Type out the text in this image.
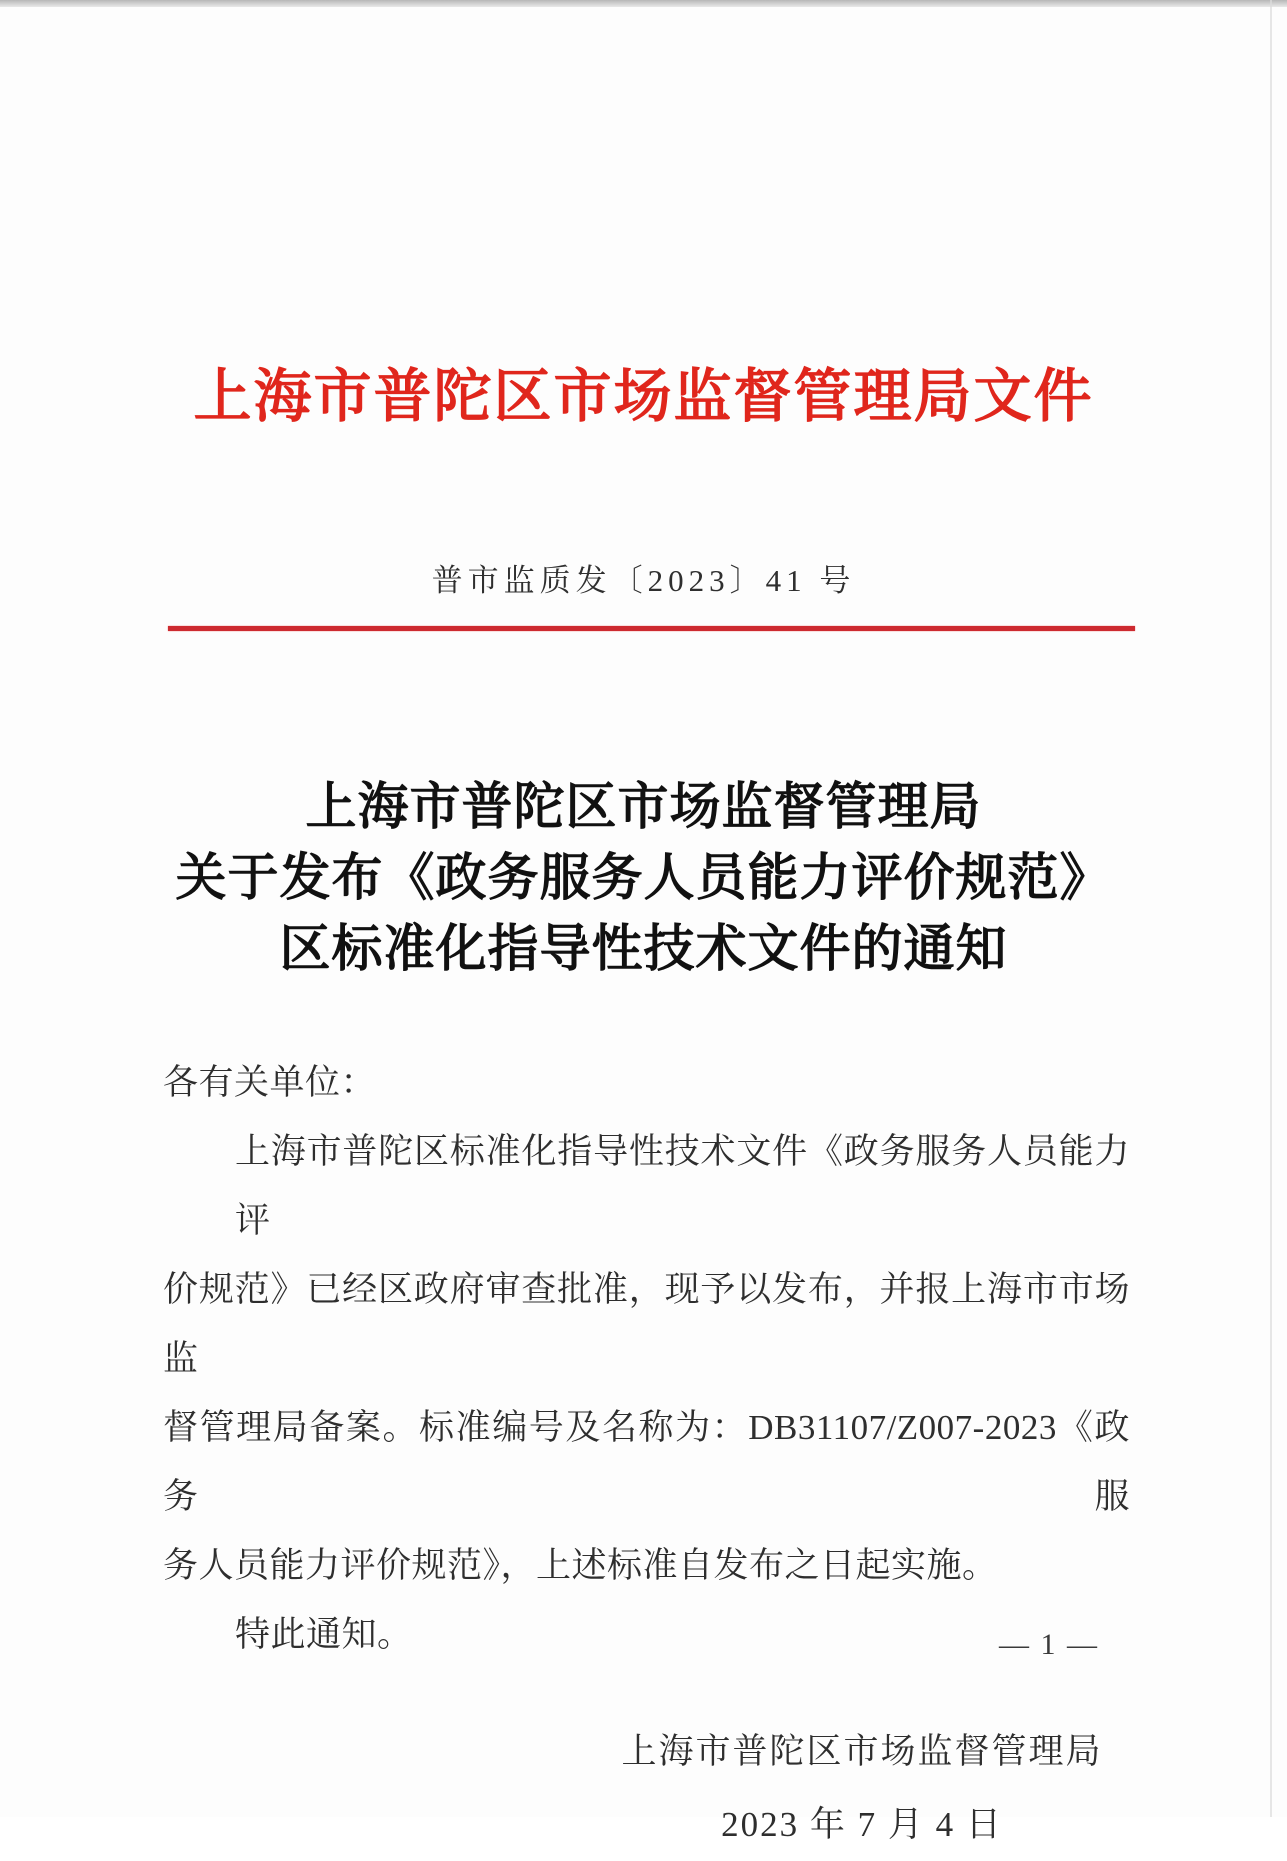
上海市普陀区市场监督管理局文件
普市监质发〔2023〕41 号
上海市普陀区市场监督管理局
关于发布《政务服务人员能力评价规范》
区标准化指导性技术文件的通知
各有关单位：
上海市普陀区标准化指导性技术文件《政务服务人员能力评
价规范》已经区政府审查批准，现予以发布，并报上海市市场监
督管理局备案。标准编号及名称为：DB31107/Z007-2023《政务服
务人员能力评价规范》，上述标准自发布之日起实施。
特此通知。
上海市普陀区市场监督管理局
2023 年 7 月 4 日
— 1 —
